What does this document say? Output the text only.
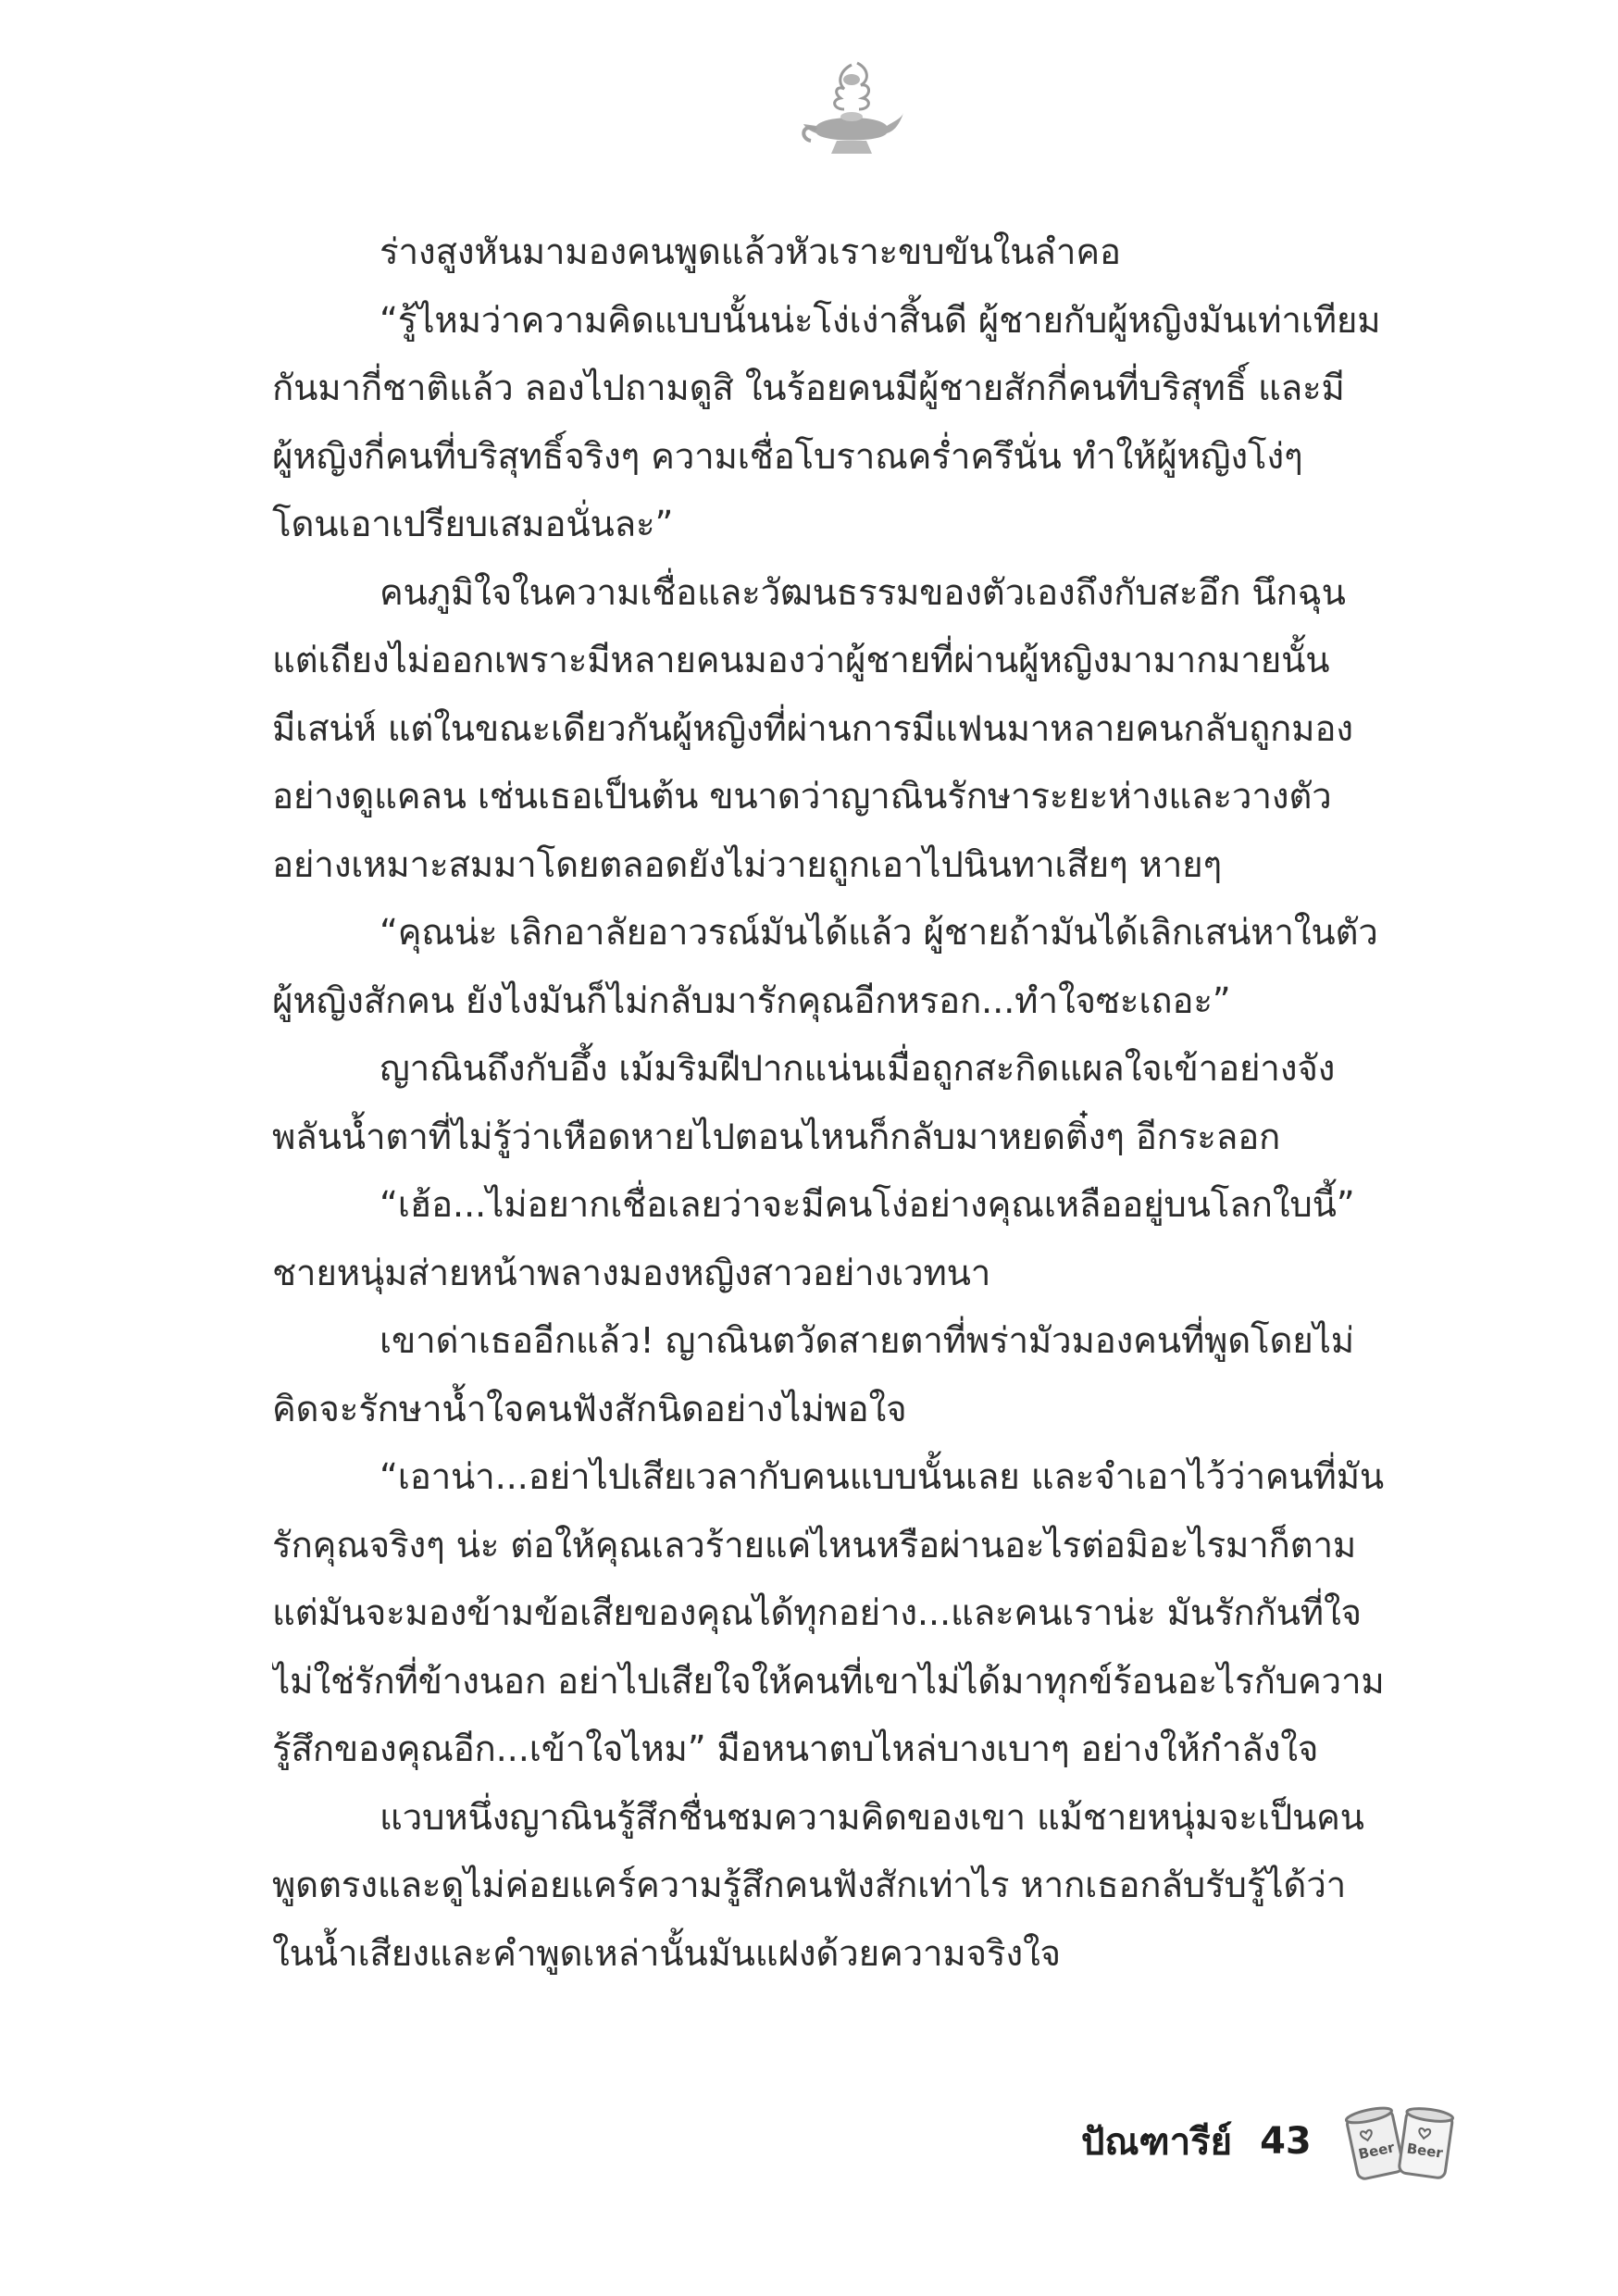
ร่างสูงหันมามองคนพูดแล้วหัวเราะขบขันในลำคอ
“รู้ไหมว่าความคิดแบบนั้นน่ะโง่เง่าสิ้นดี ผู้ชายกับผู้หญิงมันเท่าเทียม
กันมากี่ชาติแล้ว ลองไปถามดูสิ ในร้อยคนมีผู้ชายสักกี่คนที่บริสุทธิ์ และมี
ผู้หญิงกี่คนที่บริสุทธิ์จริงๆ ความเชื่อโบราณคร่ำครึนั่น ทำให้ผู้หญิงโง่ๆ
โดนเอาเปรียบเสมอนั่นละ”
คนภูมิใจในความเชื่อและวัฒนธรรมของตัวเองถึงกับสะอึก นึกฉุน
แต่เถียงไม่ออกเพราะมีหลายคนมองว่าผู้ชายที่ผ่านผู้หญิงมามากมายนั้น
มีเสน่ห์ แต่ในขณะเดียวกันผู้หญิงที่ผ่านการมีแฟนมาหลายคนกลับถูกมอง
อย่างดูแคลน เช่นเธอเป็นต้น ขนาดว่าญาณินรักษาระยะห่างและวางตัว
อย่างเหมาะสมมาโดยตลอดยังไม่วายถูกเอาไปนินทาเสียๆ หายๆ
“คุณน่ะ เลิกอาลัยอาวรณ์มันได้แล้ว ผู้ชายถ้ามันได้เลิกเสน่หาในตัว
ผู้หญิงสักคน ยังไงมันก็ไม่กลับมารักคุณอีกหรอก...ทำใจซะเถอะ”
ญาณินถึงกับอึ้ง เม้มริมฝีปากแน่นเมื่อถูกสะกิดแผลใจเข้าอย่างจัง
พลันน้ำตาที่ไม่รู้ว่าเหือดหายไปตอนไหนก็กลับมาหยดติ๋งๆ อีกระลอก
“เฮ้อ...ไม่อยากเชื่อเลยว่าจะมีคนโง่อย่างคุณเหลืออยู่บนโลกใบนี้”
ชายหนุ่มส่ายหน้าพลางมองหญิงสาวอย่างเวทนา
เขาด่าเธออีกแล้ว! ญาณินตวัดสายตาที่พร่ามัวมองคนที่พูดโดยไม่
คิดจะรักษาน้ำใจคนฟังสักนิดอย่างไม่พอใจ
“เอาน่า...อย่าไปเสียเวลากับคนแบบนั้นเลย และจำเอาไว้ว่าคนที่มัน
รักคุณจริงๆ น่ะ ต่อให้คุณเลวร้ายแค่ไหนหรือผ่านอะไรต่อมิอะไรมาก็ตาม
แต่มันจะมองข้ามข้อเสียของคุณได้ทุกอย่าง...และคนเราน่ะ มันรักกันที่ใจ
ไม่ใช่รักที่ข้างนอก อย่าไปเสียใจให้คนที่เขาไม่ได้มาทุกข์ร้อนอะไรกับความ
รู้สึกของคุณอีก...เข้าใจไหม” มือหนาตบไหล่บางเบาๆ อย่างให้กำลังใจ
แวบหนึ่งญาณินรู้สึกชื่นชมความคิดของเขา แม้ชายหนุ่มจะเป็นคน
พูดตรงและดูไม่ค่อยแคร์ความรู้สึกคนฟังสักเท่าไร หากเธอกลับรับรู้ได้ว่า
ในน้ำเสียงและคำพูดเหล่านั้นมันแฝงด้วยความจริงใจ
ปัณฑารีย์ 43	Beer Beer
